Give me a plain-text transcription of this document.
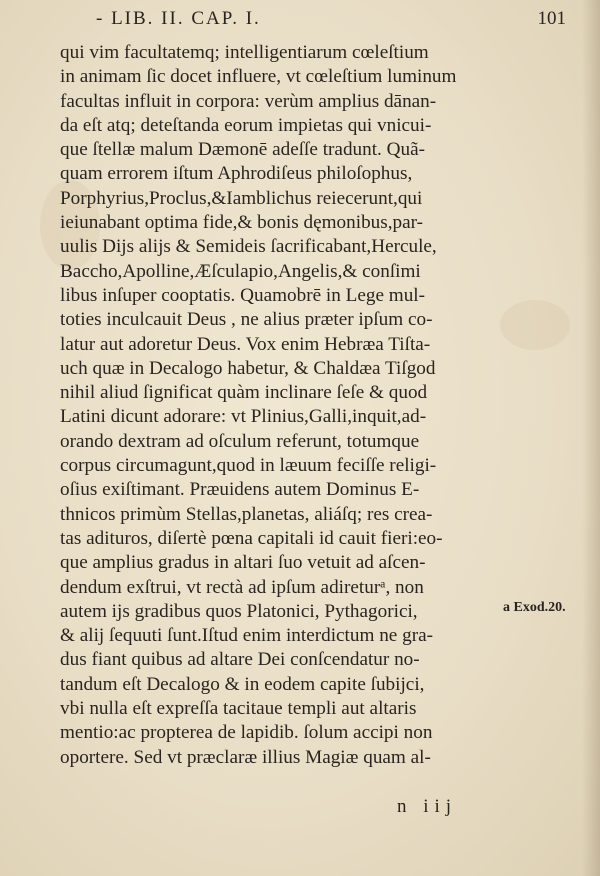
- LIB. II. CAP. I.	101
qui vim facultatemq; intelligentiarum cœleſtium
in animam ſic docet influere, vt cœleſtium luminum
facultas influit in corpora: verùm amplius dānan-
da eſt atq; deteſtanda eorum impietas qui vnicui-
que ſtellæ malum Dæmonē adeſſe tradunt. Quã-
quam errorem iſtum Aphrodiſeus philoſophus,
Porphyrius,Proclus,&Iamblichus reiecerunt,qui
ieiunabant optima fide,& bonis dęmonibus,par-
uulis Dijs alijs & Semideis ſacrificabant,Hercule,
Baccho,Apolline,Æſculapio,Angelis,& conſimi
libus inſuper cooptatis. Quamobrē in Lege mul-
toties inculcauit Deus , ne alius præter ipſum co-
latur aut adoretur Deus. Vox enim Hebræa Tiſta-
uch quæ in Decalogo habetur, & Chaldæa Tiſgod
nihil aliud ſignificat quàm inclinare ſeſe & quod
Latini dicunt adorare: vt Plinius,Galli,inquit,ad-
orando dextram ad oſculum referunt, totumque
corpus circumagunt,quod in læuum feciſſe religi-
oſius exiſtimant. Præuidens autem Dominus E-
thnicos primùm Stellas,planetas, aliáſq; res crea-
tas adituros, diſertè pœna capitali id cauit fieri:eo-
que amplius gradus in altari ſuo vetuit ad aſcen-
dendum exſtrui, vt rectà ad ipſum adireturᵃ, non
autem ijs gradibus quos Platonici, Pythagorici,
& alij ſequuti ſunt.Iſtud enim interdictum ne gra-
dus fiant quibus ad altare Dei conſcendatur no-
tandum eſt Decalogo & in eodem capite ſubijci,
vbi nulla eſt expreſſa tacitaue templi aut altaris
mentio:ac propterea de lapidib. ſolum accipi non
oportere. Sed vt præclaræ illius Magiæ quam al-
a Exod.20.
n iij
